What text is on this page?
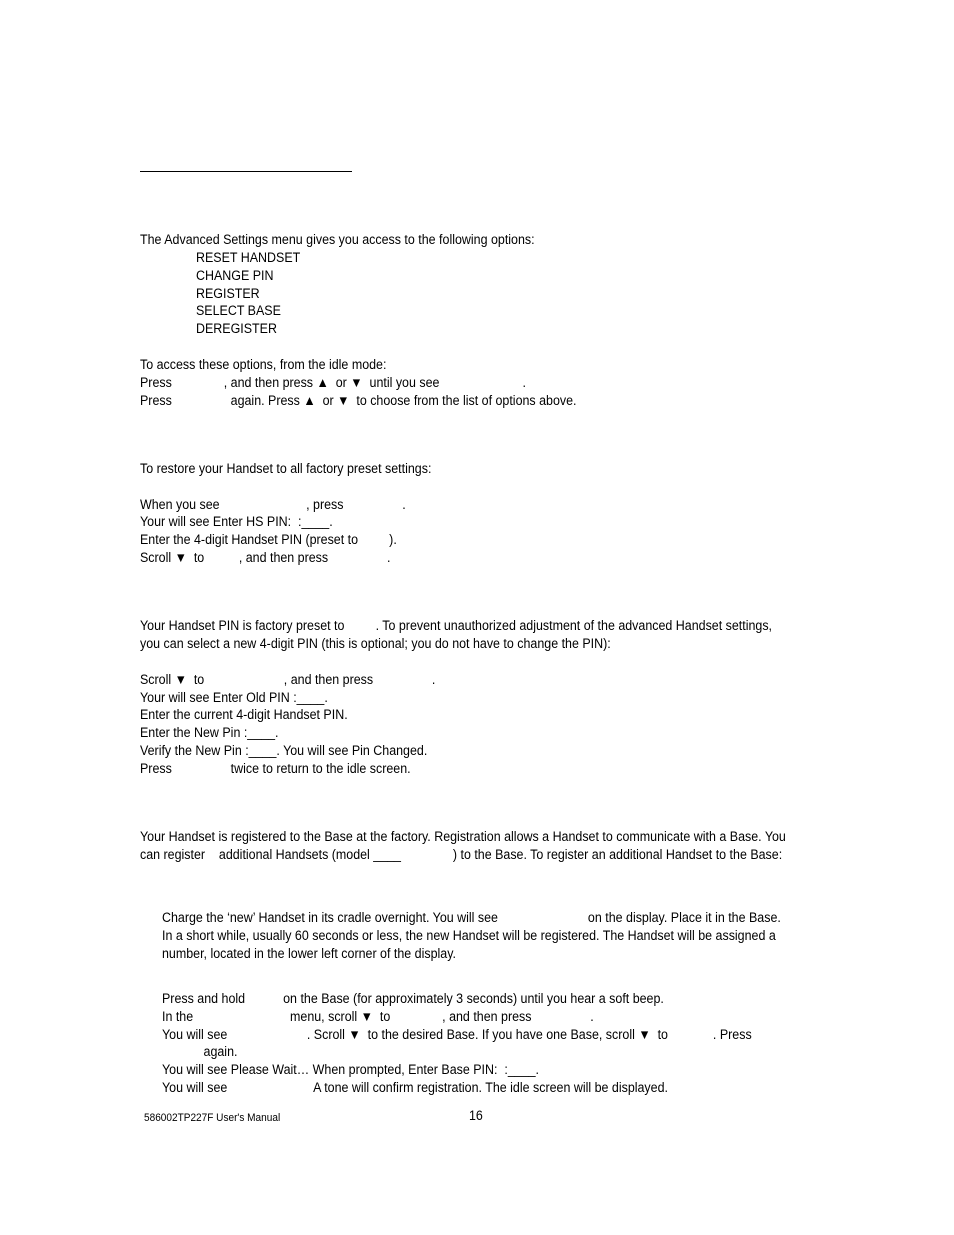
The Advanced Settings menu gives you access to the following options:
RESET HANDSET
CHANGE PIN
REGISTER
SELECT BASE
DEREGISTER
To access these options, from the idle mode:
Press               , and then press ▲  or ▼  until you see                        .
Press                 again. Press ▲  or ▼  to choose from the list of options above.
To restore your Handset to all factory preset settings:
When you see                         , press                 .
Your will see Enter HS PIN:  :____.
Enter the 4-digit Handset PIN (preset to         ).
Scroll ▼  to          , and then press                 .
Your Handset PIN is factory preset to         . To prevent unauthorized adjustment of the advanced Handset settings,
you can select a new 4-digit PIN (this is optional; you do not have to change the PIN):
Scroll ▼  to                       , and then press                 .
Your will see Enter Old PIN :____.
Enter the current 4-digit Handset PIN.
Enter the New Pin :____.
Verify the New Pin :____. You will see Pin Changed.
Press                 twice to return to the idle screen.
Your Handset is registered to the Base at the factory. Registration allows a Handset to communicate with a Base. You
can register    additional Handsets (model ____               ) to the Base. To register an additional Handset to the Base:
Charge the ‘new’ Handset in its cradle overnight. You will see                          on the display. Place it in the Base.
In a short while, usually 60 seconds or less, the new Handset will be registered. The Handset will be assigned a
number, located in the lower left corner of the display.
Press and hold           on the Base (for approximately 3 seconds) until you hear a soft beep.
In the                            menu, scroll ▼  to               , and then press                 .
You will see                       . Scroll ▼  to the desired Base. If you have one Base, scroll ▼  to             . Press
again.
You will see Please Wait… When prompted, Enter Base PIN:  :____.
You will see                         A tone will confirm registration. The idle screen will be displayed.
586002TP227F User's Manual	16
